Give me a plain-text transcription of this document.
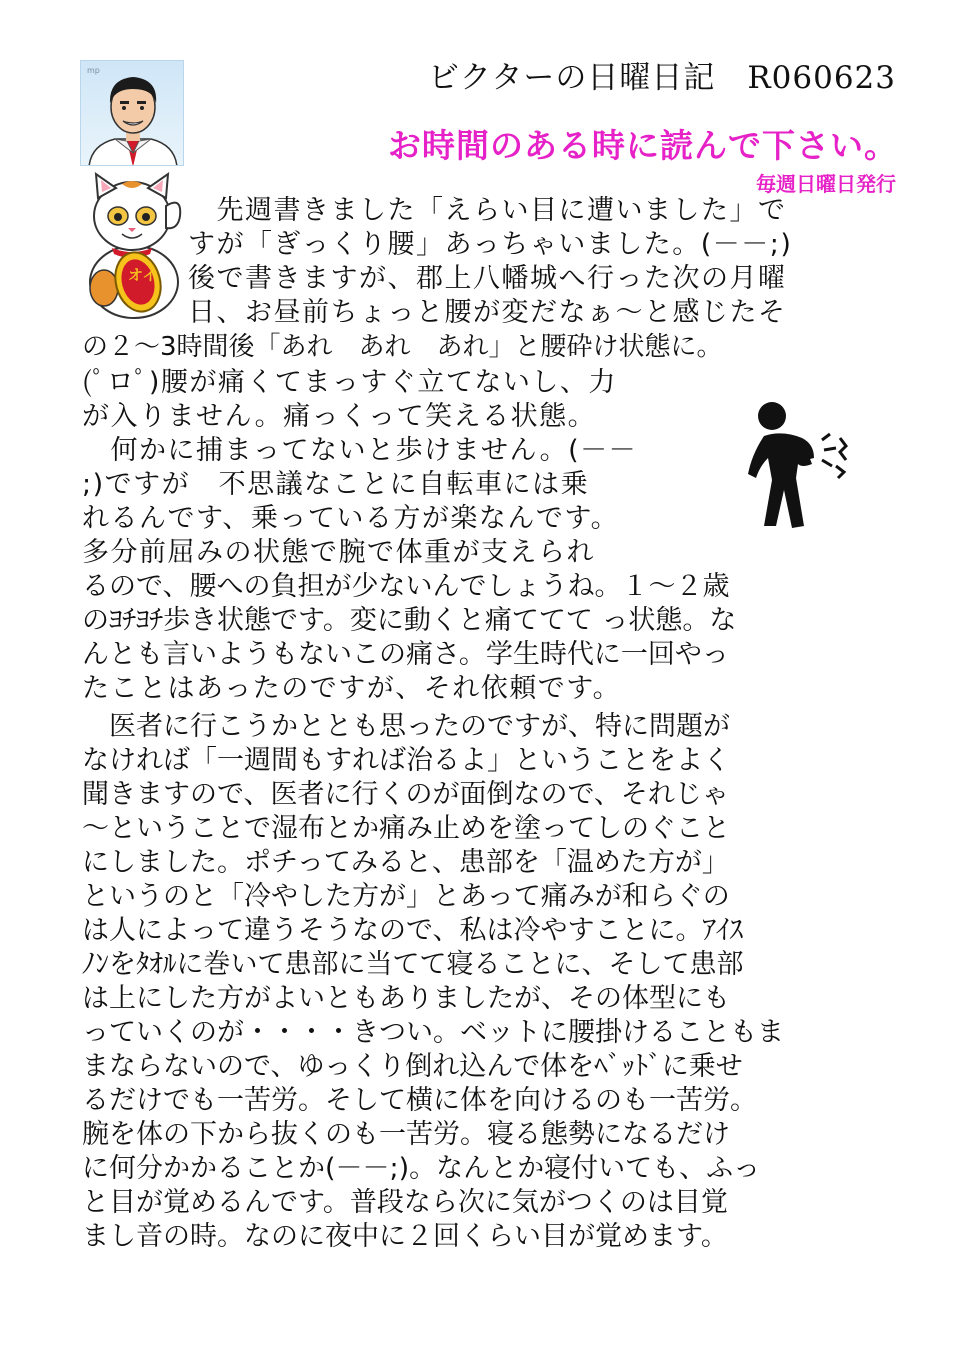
mp	ビクターの日曜日記　R060623
お時間のある時に読んで下さい。
毎週日曜日発行
オイ
　先週書きました「えらい目に遭いました」で
すが「ぎっくり腰」あっちゃいました。(－－;)
後で書きますが、郡上八幡城へ行った次の月曜
日、お昼前ちょっと腰が変だなぁ～と感じたそ
の２～3時間後「あれ　あれ　あれ」と腰砕け状態に。
(ﾟロﾟ)腰が痛くてまっすぐ立てないし、力
が入りません。痛っくって笑える状態。
　何かに捕まってないと歩けません。(－－
;)ですが　不思議なことに自転車には乗
れるんです、乗っている方が楽なんです。
多分前屈みの状態で腕で体重が支えられ
るので、腰への負担が少ないんでしょうね。１～２歳
のﾖﾁﾖﾁ歩き状態です。変に動くと痛ててて っ状態。な
んとも言いようもないこの痛さ。学生時代に一回やっ
たことはあったのですが、それ依頼です。
　医者に行こうかととも思ったのですが、特に問題が
なければ「一週間もすれば治るよ」ということをよく
聞きますので、医者に行くのが面倒なので、それじゃ
～ということで湿布とか痛み止めを塗ってしのぐこと
にしました。ポチってみると、患部を「温めた方が」
というのと「冷やした方が」とあって痛みが和らぐの
は人によって違うそうなので、私は冷やすことに。ｱｲｽ
ﾉﾝをﾀｵﾙに巻いて患部に当てて寝ることに、そして患部
は上にした方がよいともありましたが、その体型にも
っていくのが・・・・きつい。ベットに腰掛けることもま
まならないので、ゆっくり倒れ込んで体をﾍﾞｯﾄﾞに乗せ
るだけでも一苦労。そして横に体を向けるのも一苦労。
腕を体の下から抜くのも一苦労。寝る態勢になるだけ
に何分かかることか(－－;)。なんとか寝付いても、ふっ
と目が覚めるんです。普段なら次に気がつくのは目覚
まし音の時。なのに夜中に２回くらい目が覚めます。
